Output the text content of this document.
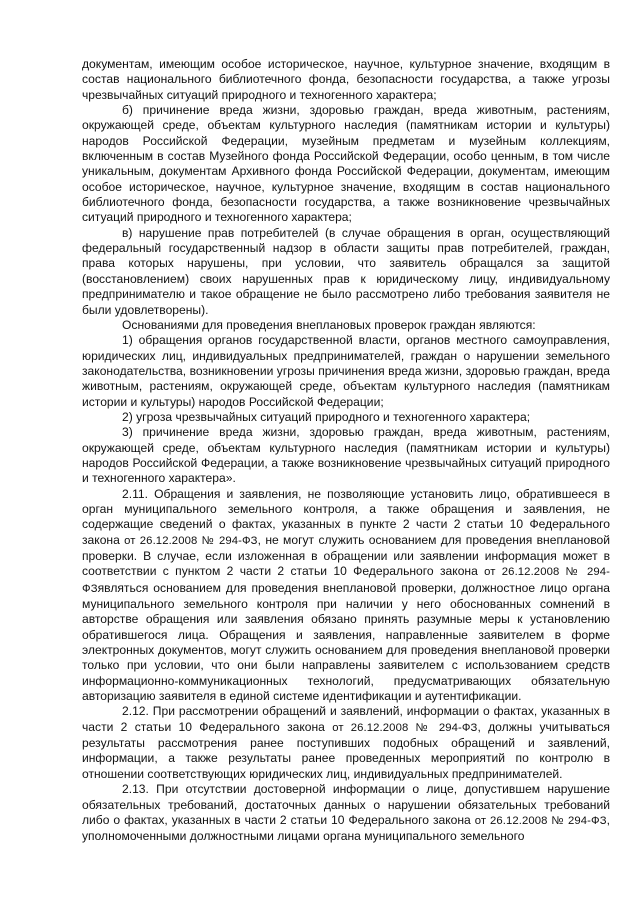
документам, имеющим особое историческое, научное, культурное значение, входящим в состав национального библиотечного фонда, безопасности государства, а также угрозы чрезвычайных ситуаций природного и техногенного характера;

б) причинение вреда жизни, здоровью граждан, вреда животным, растениям, окружающей среде, объектам культурного наследия (памятникам истории и культуры) народов Российской Федерации, музейным предметам и музейным коллекциям, включенным в состав Музейного фонда Российской Федерации, особо ценным, в том числе уникальным, документам Архивного фонда Российской Федерации, документам, имеющим особое историческое, научное, культурное значение, входящим в состав национального библиотечного фонда, безопасности государства, а также возникновение чрезвычайных ситуаций природного и техногенного характера;

в) нарушение прав потребителей (в случае обращения в орган, осуществляющий федеральный государственный надзор в области защиты прав потребителей, граждан, права которых нарушены, при условии, что заявитель обращался за защитой (восстановлением) своих нарушенных прав к юридическому лицу, индивидуальному предпринимателю и такое обращение не было рассмотрено либо требования заявителя не были удовлетворены).

Основаниями для проведения внеплановых проверок граждан являются:

1) обращения органов государственной власти, органов местного самоуправления, юридических лиц, индивидуальных предпринимателей, граждан о нарушении земельного законодательства, возникновении угрозы причинения вреда жизни, здоровью граждан, вреда животным, растениям, окружающей среде, объектам культурного наследия (памятникам истории и культуры) народов Российской Федерации;

2) угроза чрезвычайных ситуаций природного и техногенного характера;

3) причинение вреда жизни, здоровью граждан, вреда животным, растениям, окружающей среде, объектам культурного наследия (памятникам истории и культуры) народов Российской Федерации, а также возникновение чрезвычайных ситуаций природного и техногенного характера».

2.11. Обращения и заявления, не позволяющие установить лицо, обратившееся в орган муниципального земельного контроля, а также обращения и заявления, не содержащие сведений о фактах, указанных в пункте 2 части 2 статьи 10 Федерального закона от 26.12.2008 № 294-ФЗ, не могут служить основанием для проведения внеплановой проверки. В случае, если изложенная в обращении или заявлении информация может в соответствии с пунктом 2 части 2 статьи 10 Федерального закона от 26.12.2008 № 294-ФЗявляться основанием для проведения внеплановой проверки, должностное лицо органа муниципального земельного контроля при наличии у него обоснованных сомнений в авторстве обращения или заявления обязано принять разумные меры к установлению обратившегося лица. Обращения и заявления, направленные заявителем в форме электронных документов, могут служить основанием для проведения внеплановой проверки только при условии, что они были направлены заявителем с использованием средств информационно-коммуникационных технологий, предусматривающих обязательную авторизацию заявителя в единой системе идентификации и аутентификации.

2.12. При рассмотрении обращений и заявлений, информации о фактах, указанных в части 2 статьи 10 Федерального закона от 26.12.2008 № 294-ФЗ, должны учитываться результаты рассмотрения ранее поступивших подобных обращений и заявлений, информации, а также результаты ранее проведенных мероприятий по контролю в отношении соответствующих юридических лиц, индивидуальных предпринимателей.

2.13. При отсутствии достоверной информации о лице, допустившем нарушение обязательных требований, достаточных данных о нарушении обязательных требований либо о фактах, указанных в части 2 статьи 10 Федерального закона от 26.12.2008 № 294-ФЗ, уполномоченными должностными лицами органа муниципального земельного
